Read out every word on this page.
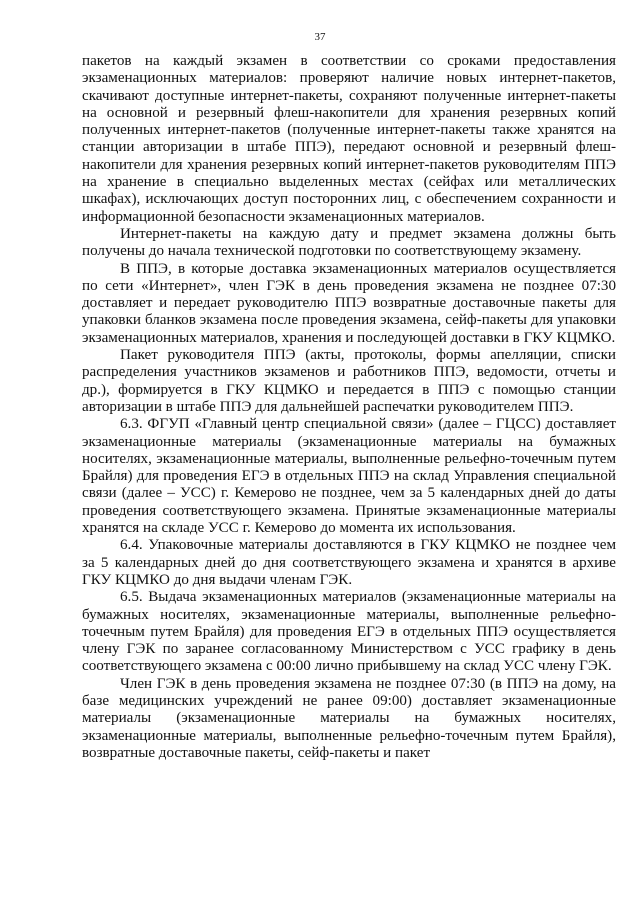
37

пакетов на каждый экзамен в соответствии со сроками предоставления экзаменационных материалов: проверяют наличие новых интернет-пакетов, скачивают доступные интернет-пакеты, сохраняют полученные интернет-пакеты на основной и резервный флеш-накопители для хранения резервных копий полученных интернет-пакетов (полученные интернет-пакеты также хранятся на станции авторизации в штабе ППЭ), передают основной и резервный флеш-накопители для хранения резервных копий интернет-пакетов руководителям ППЭ на хранение в специально выделенных местах (сейфах или металлических шкафах), исключающих доступ посторонних лиц, с обеспечением сохранности и информационной безопасности экзаменационных материалов.

Интернет-пакеты на каждую дату и предмет экзамена должны быть получены до начала технической подготовки по соответствующему экзамену.

В ППЭ, в которые доставка экзаменационных материалов осуществляется по сети «Интернет», член ГЭК в день проведения экзамена не позднее 07:30 доставляет и передает руководителю ППЭ возвратные доставочные пакеты для упаковки бланков экзамена после проведения экзамена, сейф-пакеты для упаковки экзаменационных материалов, хранения и последующей доставки в ГКУ КЦМКО.

Пакет руководителя ППЭ (акты, протоколы, формы апелляции, списки распределения участников экзаменов и работников ППЭ, ведомости, отчеты и др.), формируется в ГКУ КЦМКО и передается в ППЭ с помощью станции авторизации в штабе ППЭ для дальнейшей распечатки руководителем ППЭ.

6.3. ФГУП «Главный центр специальной связи» (далее – ГЦСС) доставляет экзаменационные материалы (экзаменационные материалы на бумажных носителях, экзаменационные материалы, выполненные рельефно-точечным путем Брайля) для проведения ЕГЭ в отдельных ППЭ на склад Управления специальной связи (далее – УСС) г. Кемерово не позднее, чем за 5 календарных дней до даты проведения соответствующего экзамена. Принятые экзаменационные материалы хранятся на складе УСС г. Кемерово до момента их использования.

6.4. Упаковочные материалы доставляются в ГКУ КЦМКО не позднее чем за 5 календарных дней до дня соответствующего экзамена и хранятся в архиве ГКУ КЦМКО до дня выдачи членам ГЭК.

6.5. Выдача экзаменационных материалов (экзаменационные материалы на бумажных носителях, экзаменационные материалы, выполненные рельефно-точечным путем Брайля) для проведения ЕГЭ в отдельных ППЭ осуществляется члену ГЭК по заранее согласованному Министерством с УСС графику в день соответствующего экзамена с 00:00 лично прибывшему на склад УСС члену ГЭК.

Член ГЭК в день проведения экзамена не позднее 07:30 (в ППЭ на дому, на базе медицинских учреждений не ранее 09:00) доставляет экзаменационные материалы (экзаменационные материалы на бумажных носителях, экзаменационные материалы, выполненные рельефно-точечным путем Брайля), возвратные доставочные пакеты, сейф-пакеты и пакет
